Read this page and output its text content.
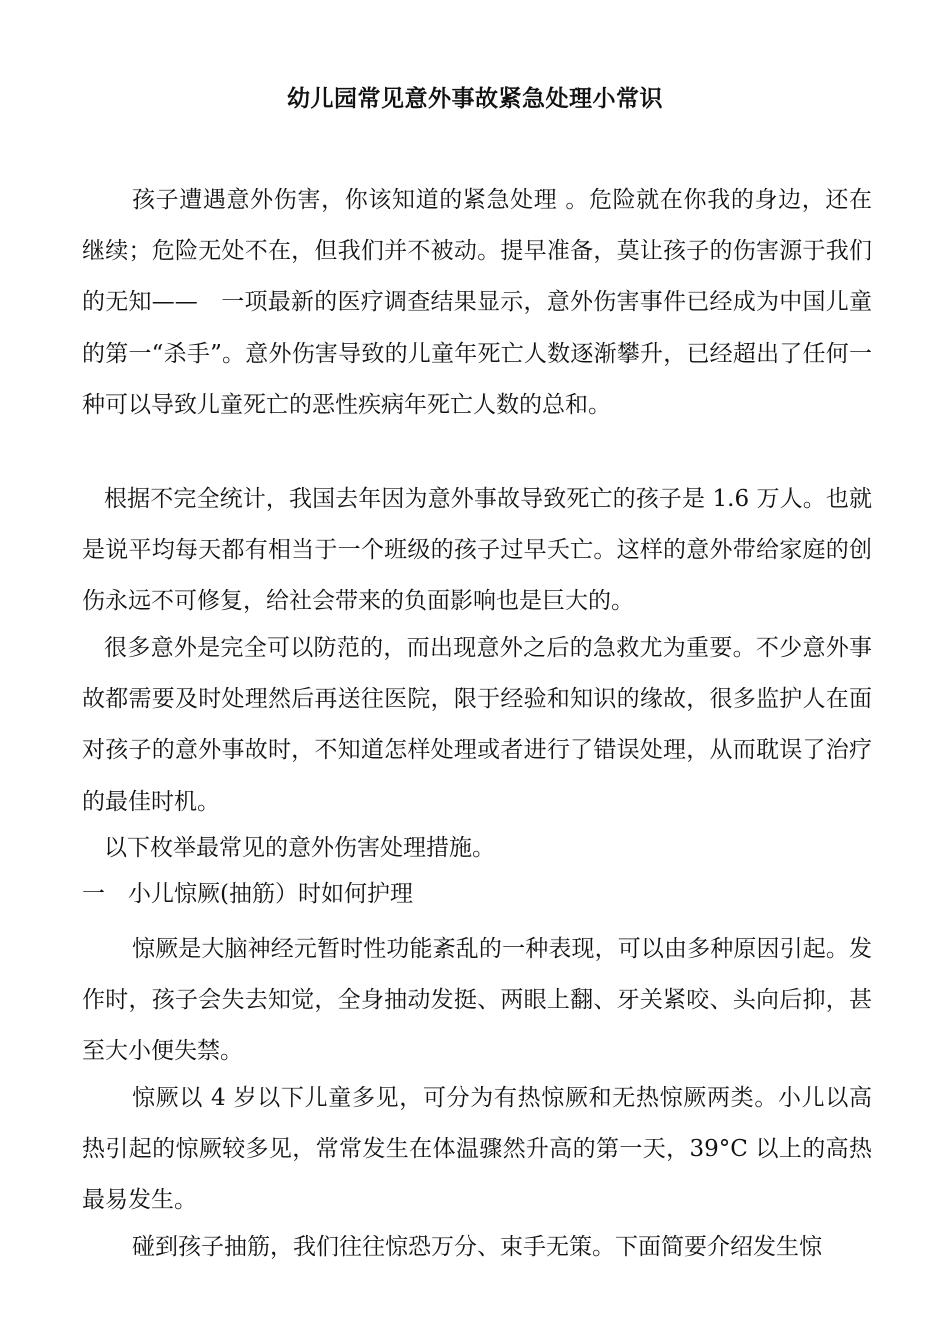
幼儿园常见意外事故紧急处理小常识
孩子遭遇意外伤害，你该知道的紧急处理 。危险就在你我的身边，还在继续；危险无处不在，但我们并不被动。提早准备，莫让孩子的伤害源于我们的无知——　一项最新的医疗调查结果显示，意外伤害事件已经成为中国儿童的第一“杀手”。意外伤害导致的儿童年死亡人数逐渐攀升，已经超出了任何一种可以导致儿童死亡的恶性疾病年死亡人数的总和。
根据不完全统计，我国去年因为意外事故导致死亡的孩子是 1.6 万人。也就是说平均每天都有相当于一个班级的孩子过早夭亡。这样的意外带给家庭的创伤永远不可修复，给社会带来的负面影响也是巨大的。
很多意外是完全可以防范的，而出现意外之后的急救尤为重要。不少意外事故都需要及时处理然后再送往医院，限于经验和知识的缘故，很多监护人在面对孩子的意外事故时，不知道怎样处理或者进行了错误处理，从而耽误了治疗的最佳时机。
以下枚举最常见的意外伤害处理措施。
一　小儿惊厥(抽筋）时如何护理
惊厥是大脑神经元暂时性功能紊乱的一种表现，可以由多种原因引起。发作时，孩子会失去知觉，全身抽动发挺、两眼上翻、牙关紧咬、头向后抑，甚至大小便失禁。
惊厥以 4 岁以下儿童多见，可分为有热惊厥和无热惊厥两类。小儿以高热引起的惊厥较多见，常常发生在体温骤然升高的第一天，39°C 以上的高热最易发生。
碰到孩子抽筋，我们往往惊恐万分、束手无策。下面简要介绍发生惊
